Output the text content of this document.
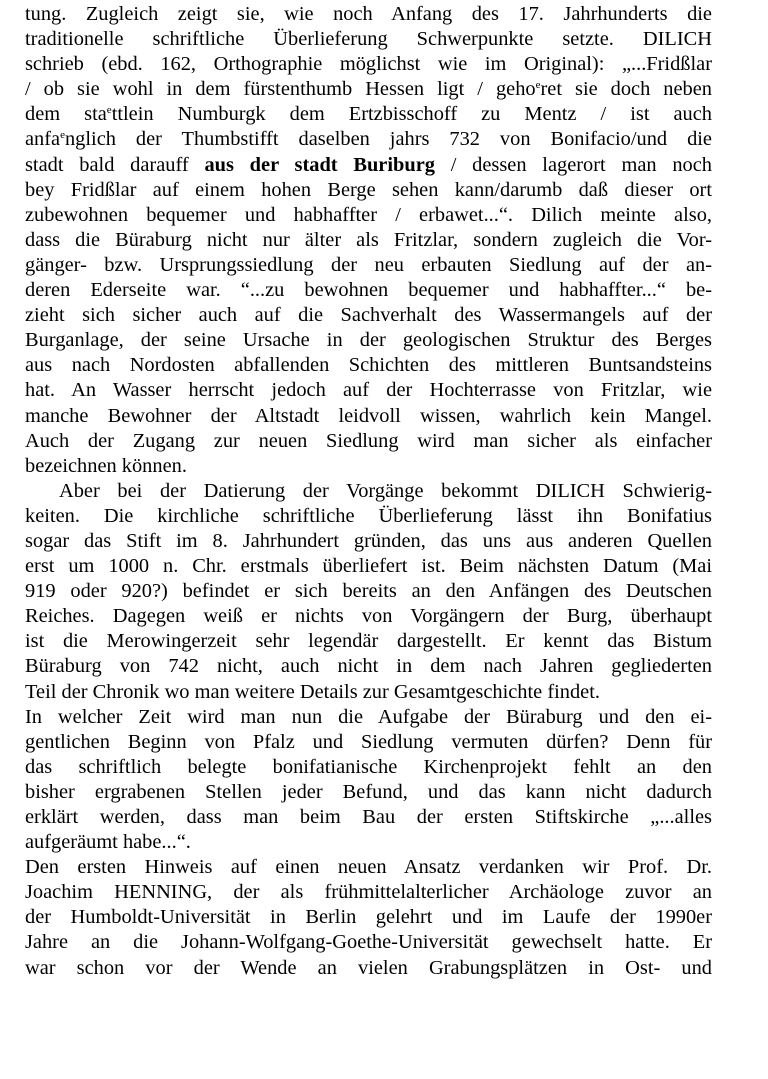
tung. Zugleich zeigt sie, wie noch Anfang des 17. Jahrhunderts die
traditionelle schriftliche Überlieferung Schwerpunkte setzte. DILICH
schrieb (ebd. 162, Orthographie möglichst wie im Original): „...Fridßlar
/ ob sie wohl in dem fürstenthumb Hessen ligt / geho$^e$ret sie doch neben
dem sta$^e$ttlein Numburgk dem Ertzbisschoff zu Mentz / ist auch
anfa$^e$nglich der Thumbstifft daselben jahrs 732 von Bonifacio/und die
stadt bald darauff aus der stadt Buriburg / dessen lagerort man noch
bey Fridßlar auf einem hohen Berge sehen kann/darumb daß dieser ort
zubewohnen bequemer und habhaffter / erbawet...“. Dilich meinte also,
dass die Büraburg nicht nur älter als Fritzlar, sondern zugleich die Vor-
gänger- bzw. Ursprungssiedlung der neu erbauten Siedlung auf der an-
deren Ederseite war. “...zu bewohnen bequemer und habhaffter...“ be-
zieht sich sicher auch auf die Sachverhalt des Wassermangels auf der
Burganlage, der seine Ursache in der geologischen Struktur des Berges
aus nach Nordosten abfallenden Schichten des mittleren Buntsandsteins
hat. An Wasser herrscht jedoch auf der Hochterrasse von Fritzlar, wie
manche Bewohner der Altstadt leidvoll wissen, wahrlich kein Mangel.
Auch der Zugang zur neuen Siedlung wird man sicher als einfacher
bezeichnen können.
Aber bei der Datierung der Vorgänge bekommt DILICH Schwierig-
keiten. Die kirchliche schriftliche Überlieferung lässt ihn Bonifatius
sogar das Stift im 8. Jahrhundert gründen, das uns aus anderen Quellen
erst um 1000 n. Chr. erstmals überliefert ist. Beim nächsten Datum (Mai
919 oder 920?) befindet er sich bereits an den Anfängen des Deutschen
Reiches. Dagegen weiß er nichts von Vorgängern der Burg, überhaupt
ist die Merowingerzeit sehr legendär dargestellt. Er kennt das Bistum
Büraburg von 742 nicht, auch nicht in dem nach Jahren gegliederten
Teil der Chronik wo man weitere Details zur Gesamtgeschichte findet.
In welcher Zeit wird man nun die Aufgabe der Büraburg und den ei-
gentlichen Beginn von Pfalz und Siedlung vermuten dürfen? Denn für
das schriftlich belegte bonifatianische Kirchenprojekt fehlt an den
bisher ergrabenen Stellen jeder Befund, und das kann nicht dadurch
erklärt werden, dass man beim Bau der ersten Stiftskirche „...alles
aufgeräumt habe...“.
Den ersten Hinweis auf einen neuen Ansatz verdanken wir Prof. Dr.
Joachim HENNING, der als frühmittelalterlicher Archäologe zuvor an
der Humboldt-Universität in Berlin gelehrt und im Laufe der 1990er
Jahre an die Johann-Wolfgang-Goethe-Universität gewechselt hatte. Er
war schon vor der Wende an vielen Grabungsplätzen in Ost- und
